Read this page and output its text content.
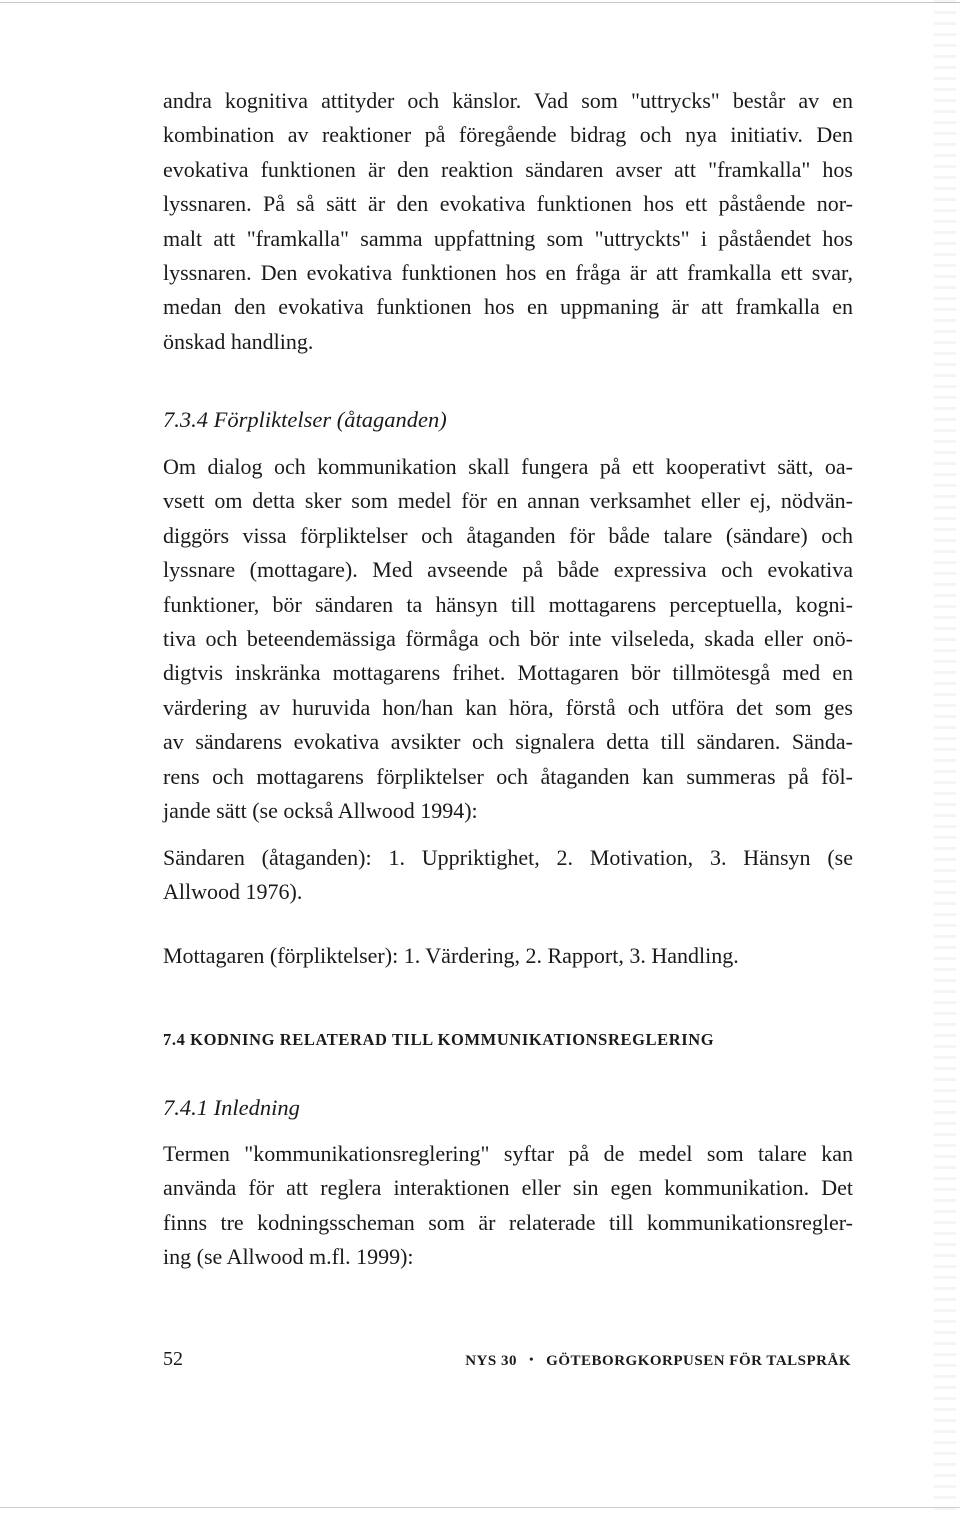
andra kognitiva attityder och känslor. Vad som "uttrycks" består av en
kombination av reaktioner på föregående bidrag och nya initiativ. Den
evokativa funktionen är den reaktion sändaren avser att "framkalla" hos
lyssnaren. På så sätt är den evokativa funktionen hos ett påstående nor-
malt att "framkalla" samma uppfattning som "uttryckts" i påståendet hos
lyssnaren. Den evokativa funktionen hos en fråga är att framkalla ett svar,
medan den evokativa funktionen hos en uppmaning är att framkalla en
önskad handling.
7.3.4 Förpliktelser (åtaganden)
Om dialog och kommunikation skall fungera på ett kooperativt sätt, oa-
vsett om detta sker som medel för en annan verksamhet eller ej, nödvän-
diggörs vissa förpliktelser och åtaganden för både talare (sändare) och
lyssnare (mottagare). Med avseende på både expressiva och evokativa
funktioner, bör sändaren ta hänsyn till mottagarens perceptuella, kogni-
tiva och beteendemässiga förmåga och bör inte vilseleda, skada eller onö-
digtvis inskränka mottagarens frihet. Mottagaren bör tillmötesgå med en
värdering av huruvida hon/han kan höra, förstå och utföra det som ges
av sändarens evokativa avsikter och signalera detta till sändaren. Sända-
rens och mottagarens förpliktelser och åtaganden kan summeras på föl-
jande sätt (se också Allwood 1994):
Sändaren (åtaganden): 1. Uppriktighet, 2. Motivation, 3. Hänsyn (se
Allwood 1976).
Mottagaren (förpliktelser): 1. Värdering, 2. Rapport, 3. Handling.
7.4 KODNING RELATERAD TILL KOMMUNIKATIONSREGLERING
7.4.1 Inledning
Termen "kommunikationsreglering" syftar på de medel som talare kan
använda för att reglera interaktionen eller sin egen kommunikation. Det
finns tre kodningsscheman som är relaterade till kommunikationsregler-
ing (se Allwood m.fl. 1999):
52	NYS 30 • GÖTEBORGKORPUSEN FÖR TALSPRÅK
